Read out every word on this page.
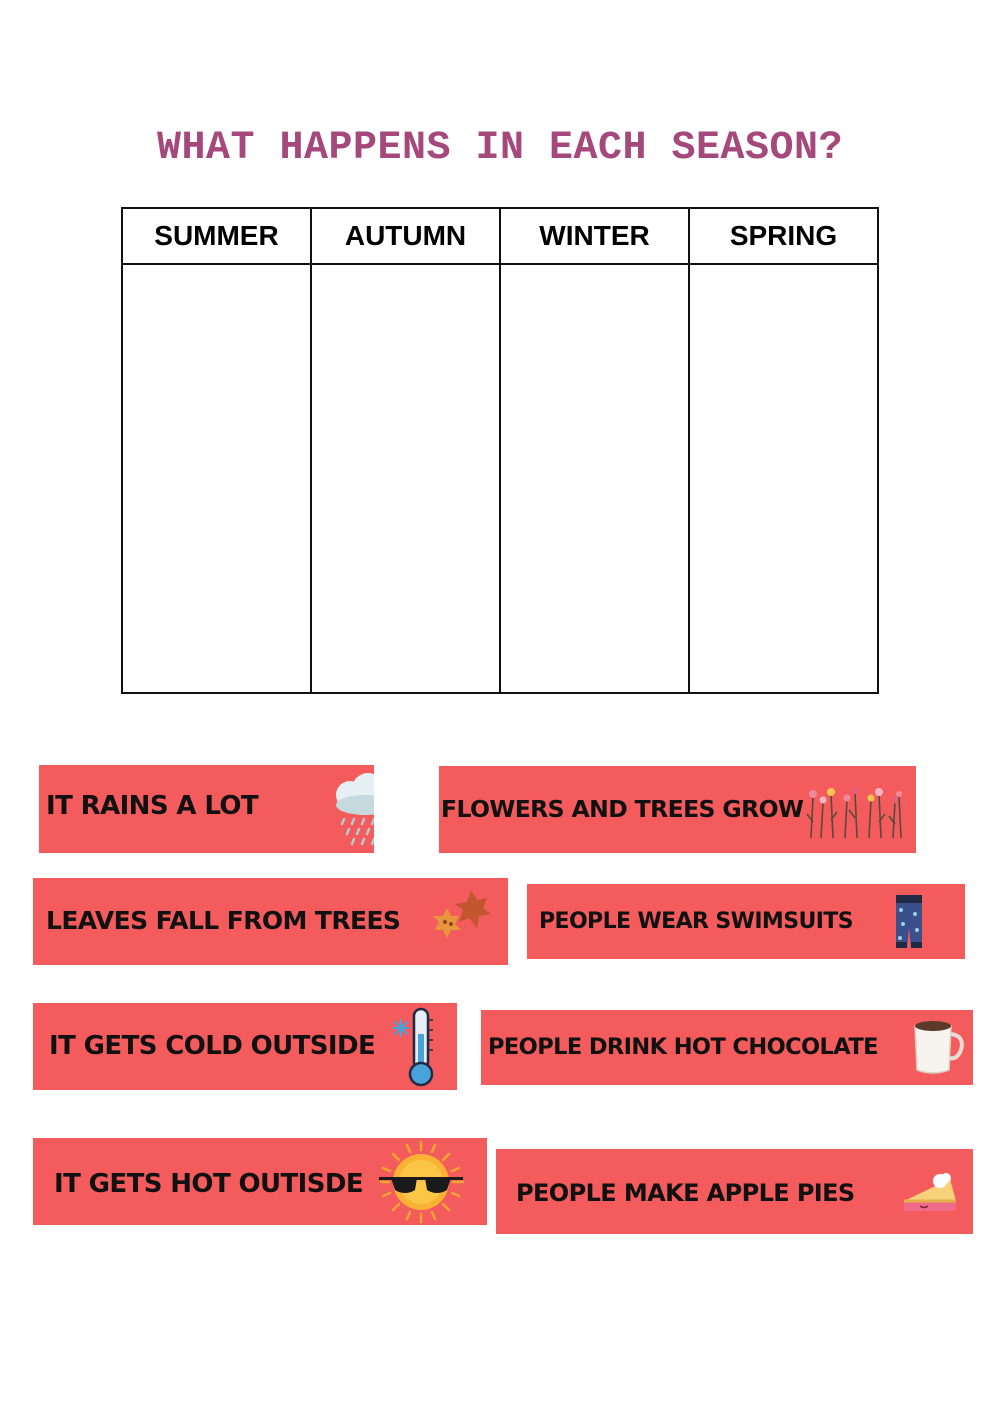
WHAT HAPPENS IN EACH SEASON?
SUMMER	AUTUMN	WINTER	SPRING

IT RAINS A LOT	FLOWERS AND TREES GROW
LEAVES FALL FROM TREES	PEOPLE WEAR SWIMSUITS
IT GETS COLD OUTSIDE	PEOPLE DRINK HOT CHOCOLATE
IT GETS HOT OUTISDE	PEOPLE MAKE APPLE PIES
